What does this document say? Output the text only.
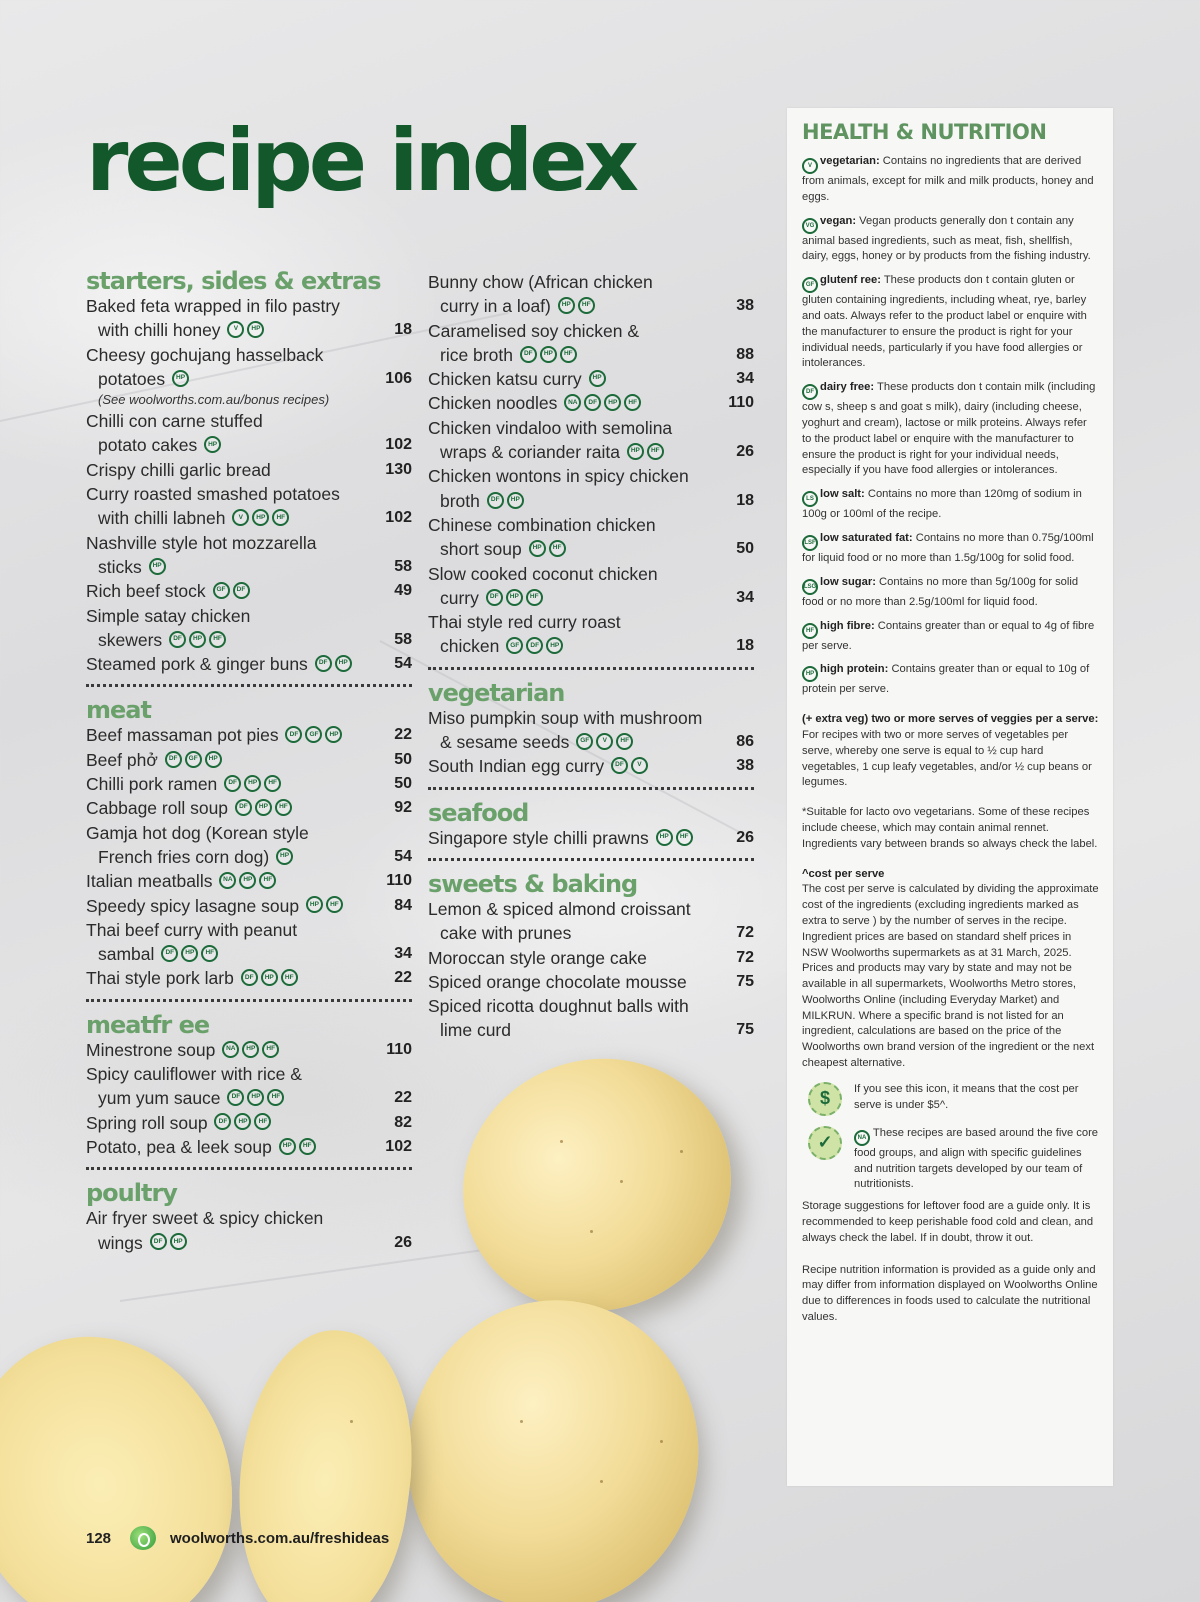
recipe index
starters, sides & extras
Baked feta wrapped in filo pastry
with chilli honey	V	HP	18
Cheesy gochujang hasselback
potatoes	HP	106
(See woolworths.com.au/bonus recipes)
Chilli con carne stuffed
potato cakes	HP	102
Crispy chilli garlic bread	130
Curry roasted smashed potatoes
with chilli labneh	V	HP	HF	102
Nashville style hot mozzarella
sticks	HP	58
Rich beef stock	GF	DF	49
Simple satay chicken
skewers	DF	HP	HF	58
Steamed pork & ginger buns	DF	HP	54
meat
Beef massaman pot pies	DF	GF	HP	22
Beef phở	DF	GF	HP	50
Chilli pork ramen	DF	HP	HF	50
Cabbage roll soup	DF	HP	HF	92
Gamja hot dog (Korean style
French fries corn dog)	HP	54
Italian meatballs	NA	HP	HF	110
Speedy spicy lasagne soup	HP	HF	84
Thai beef curry with peanut
sambal	DF	HP	HF	34
Thai style pork larb	DF	HP	HF	22
meatfr ee
Minestrone soup	NA	HP	HF	110
Spicy cauliflower with rice &
yum yum sauce	DF	HP	HF	22
Spring roll soup	DF	HP	HF	82
Potato, pea & leek soup	HP	HF	102
poultry
Air fryer sweet & spicy chicken
wings	DF	HP	26
Bunny chow (African chicken
curry in a loaf)	HP	HF	38
Caramelised soy chicken &
rice broth	DF	HP	HF	88
Chicken katsu curry	HP	34
Chicken noodles	NA	DF	HP	HF	110
Chicken vindaloo with semolina
wraps & coriander raita	HP	HF	26
Chicken wontons in spicy chicken
broth	DF	HP	18
Chinese combination chicken
short soup	HP	HF	50
Slow cooked coconut chicken
curry	DF	HP	HF	34
Thai style red curry roast
chicken	GF	DF	HP	18
vegetarian
Miso pumpkin soup with mushroom
& sesame seeds	GF	V	HF	86
South Indian egg curry	DF	V	38
seafood
Singapore style chilli prawns	HP	HF	26
sweets & baking
Lemon & spiced almond croissant
cake with prunes	72
Moroccan style orange cake	72
Spiced orange chocolate mousse	75
Spiced ricotta doughnut balls with
lime curd	75
HEALTH & NUTRITION
V vegetarian: Contains no ingredients that are derived from animals, except for milk and milk products, honey and eggs.
VG vegan: Vegan products generally don t contain any animal based ingredients, such as meat, fish, shellfish, dairy, eggs, honey or by products from the fishing industry.
GF glutenf ree: These products don t contain gluten or gluten containing ingredients, including wheat, rye, barley and oats. Always refer to the product label or enquire with the manufacturer to ensure the product is right for your individual needs, particularly if you have food allergies or intolerances.
DF dairy free: These products don t contain milk (including cow s, sheep s and goat s milk), dairy (including cheese, yoghurt and cream), lactose or milk proteins. Always refer to the product label or enquire with the manufacturer to ensure the product is right for your individual needs, especially if you have food allergies or intolerances.
LS low salt: Contains no more than 120mg of sodium in 100g or 100ml of the recipe.
LSF low saturated fat: Contains no more than 0.75g/100ml for liquid food or no more than 1.5g/100g for solid food.
LSG low sugar: Contains no more than 5g/100g for solid food or no more than 2.5g/100ml for liquid food.
HF high fibre: Contains greater than or equal to 4g of fibre per serve.
HP high protein: Contains greater than or equal to 10g of protein per serve.
(+ extra veg) two or more serves of veggies per a serve:
For recipes with two or more serves of vegetables per serve, whereby one serve is equal to ½ cup hard vegetables, 1 cup leafy vegetables, and/or ½ cup beans or legumes.
*Suitable for lacto ovo vegetarians. Some of these recipes include cheese, which may contain animal rennet. Ingredients vary between brands so always check the label.
^cost per serve
The cost per serve is calculated by dividing the approximate cost of the ingredients (excluding ingredients marked as extra to serve ) by the number of serves in the recipe. Ingredient prices are based on standard shelf prices in NSW Woolworths supermarkets as at 31 March, 2025. Prices and products may vary by state and may not be available in all supermarkets, Woolworths Metro stores, Woolworths Online (including Everyday Market) and MILKRUN. Where a specific brand is not listed for an ingredient, calculations are based on the price of the Woolworths own brand version of the ingredient or the next cheapest alternative.
$	If you see this icon, it means that the cost per serve is under $5^.
✓	NA These recipes are based around the five core food groups, and align with specific guidelines and nutrition targets developed by our team of nutritionists.
Storage suggestions for leftover food are a guide only. It is recommended to keep perishable food cold and clean, and always check the label. If in doubt, throw it out.
Recipe nutrition information is provided as a guide only and may differ from information displayed on Woolworths Online due to differences in foods used to calculate the nutritional values.
128	woolworths.com.au/freshideas
